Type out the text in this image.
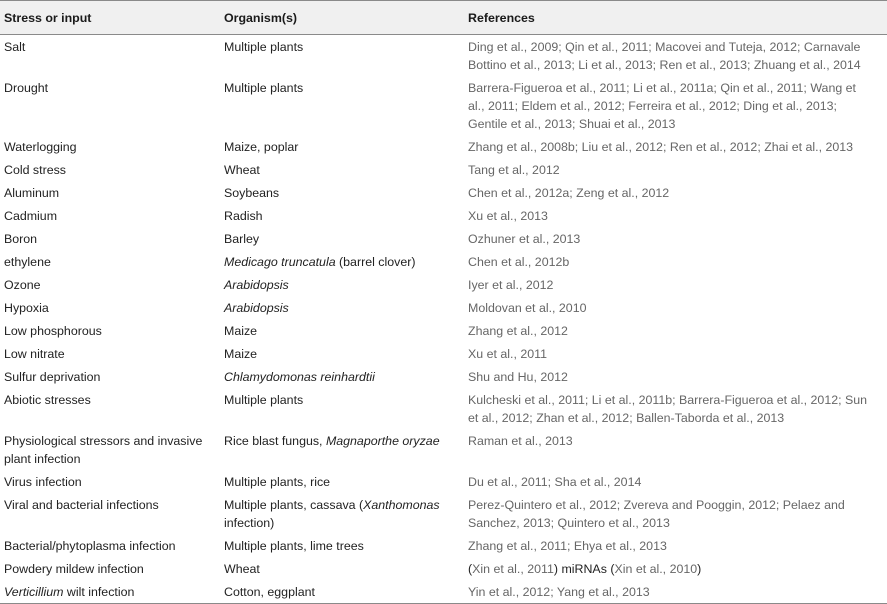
Stress or input	Organism(s)	References
Salt	Multiple plants	Ding et al., 2009; Qin et al., 2011; Macovei and Tuteja, 2012; Carnavale Bottino et al., 2013; Li et al., 2013; Ren et al., 2013; Zhuang et al., 2014
Drought	Multiple plants	Barrera-Figueroa et al., 2011; Li et al., 2011a; Qin et al., 2011; Wang et al., 2011; Eldem et al., 2012; Ferreira et al., 2012; Ding et al., 2013; Gentile et al., 2013; Shuai et al., 2013
Waterlogging	Maize, poplar	Zhang et al., 2008b; Liu et al., 2012; Ren et al., 2012; Zhai et al., 2013
Cold stress	Wheat	Tang et al., 2012
Aluminum	Soybeans	Chen et al., 2012a; Zeng et al., 2012
Cadmium	Radish	Xu et al., 2013
Boron	Barley	Ozhuner et al., 2013
ethylene	Medicago truncatula (barrel clover)	Chen et al., 2012b
Ozone	Arabidopsis	Iyer et al., 2012
Hypoxia	Arabidopsis	Moldovan et al., 2010
Low phosphorous	Maize	Zhang et al., 2012
Low nitrate	Maize	Xu et al., 2011
Sulfur deprivation	Chlamydomonas reinhardtii	Shu and Hu, 2012
Abiotic stresses	Multiple plants	Kulcheski et al., 2011; Li et al., 2011b; Barrera-Figueroa et al., 2012; Sun et al., 2012; Zhan et al., 2012; Ballen-Taborda et al., 2013
Physiological stressors and invasive plant infection	Rice blast fungus, Magnaporthe oryzae	Raman et al., 2013
Virus infection	Multiple plants, rice	Du et al., 2011; Sha et al., 2014
Viral and bacterial infections	Multiple plants, cassava (Xanthomonas infection)	Perez-Quintero et al., 2012; Zvereva and Pooggin, 2012; Pelaez and Sanchez, 2013; Quintero et al., 2013
Bacterial/phytoplasma infection	Multiple plants, lime trees	Zhang et al., 2011; Ehya et al., 2013
Powdery mildew infection	Wheat	(Xin et al., 2011) miRNAs (Xin et al., 2010)
Verticillium wilt infection	Cotton, eggplant	Yin et al., 2012; Yang et al., 2013
